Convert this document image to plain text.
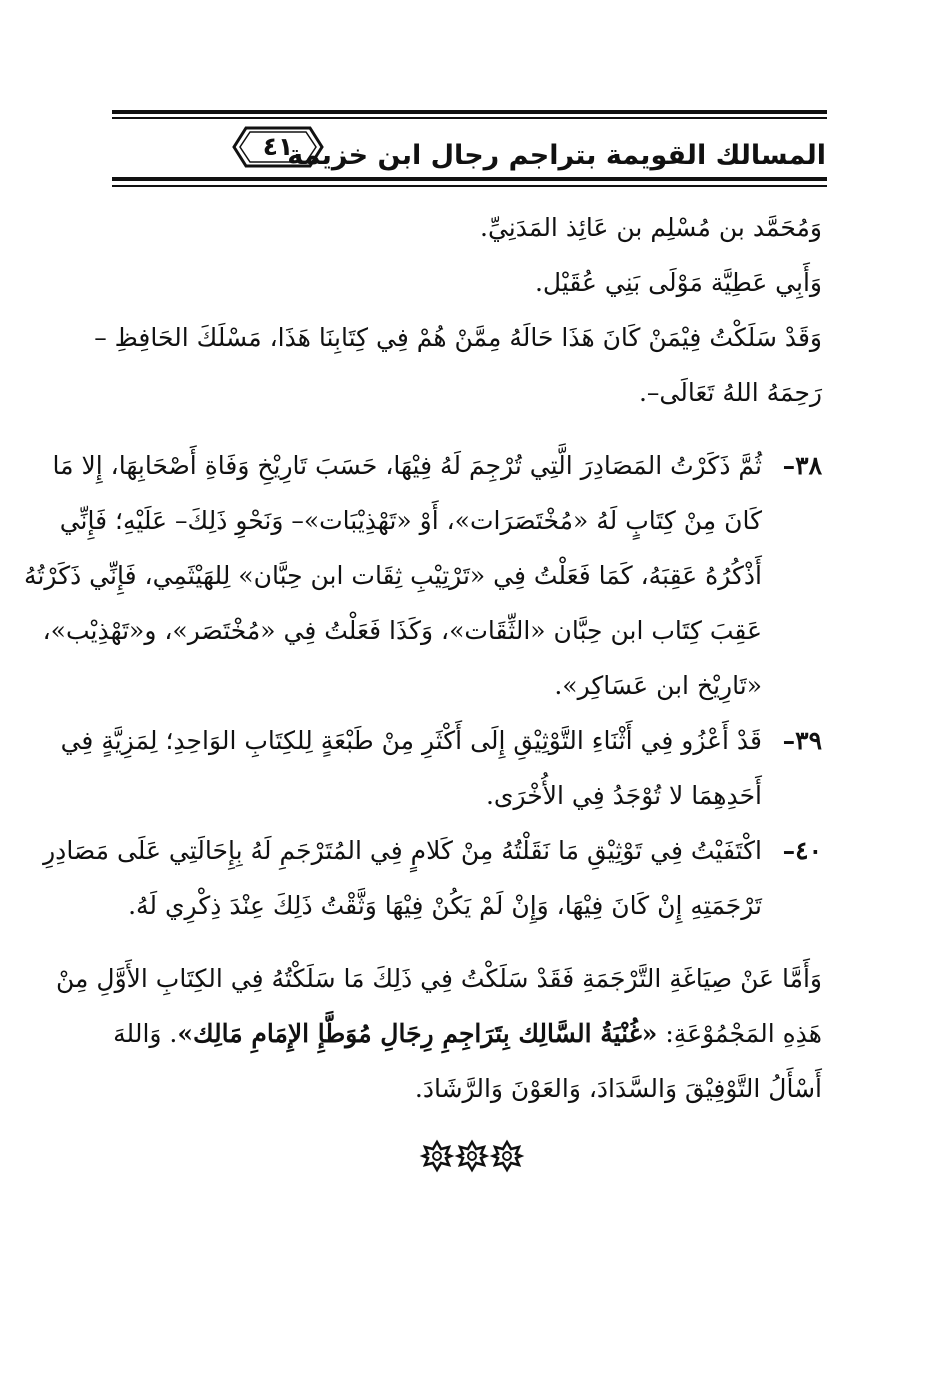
المسالك القويمة بتراجم رجال ابن خزيمة
٤١
وَمُحَمَّد بن مُسْلِم بن عَائِذ المَدَنِيِّ.
وَأَبِي عَطِيَّة مَوْلَى بَنِي عُقَيْل.
وَقَدْ سَلَكْتُ فِيْمَنْ كَانَ هَذَا حَالَهُ مِمَّنْ هُمْ فِي كِتَابِنَا هَذَا، مَسْلَكَ الحَافِظِ –
رَحِمَهُ اللهُ تَعَالَى–.
٣٨–
ثُمَّ ذَكَرْتُ المَصَادِرَ الَّتِي تُرْجِمَ لَهُ فِيْهَا، حَسَبَ تَارِيْخِ وَفَاةِ أَصْحَابِهَا، إِلا مَا
كَانَ مِنْ كِتَابٍ لَهُ «مُخْتَصَرَات»، أَوْ «تَهْذِيْبَات»– وَنَحْوِ ذَلِكَ– عَلَيْهِ؛ فَإِنِّي
أَذْكُرُهُ عَقِبَهُ، كَمَا فَعَلْتُ فِي «تَرْتِيْبِ ثِقَات ابن حِبَّان» لِلهَيْثَمِي، فَإِنِّي ذَكَرْتُهُ
عَقِبَ كِتَاب ابن حِبَّان «الثِّقَات»، وَكَذَا فَعَلْتُ فِي «مُخْتَصَر»، و«تَهْذِيْب»،
«تَارِيْخ ابن عَسَاكِر».
٣٩–
قَدْ أَعْزُو فِي أَثْنَاءِ التَّوْثِيْقِ إِلَى أَكْثَرِ مِنْ طَبْعَةٍ لِلكِتَابِ الوَاحِدِ؛ لِمَزِيَّةٍ فِي
أَحَدِهِمَا لا تُوْجَدُ فِي الأُخْرَى.
٤٠–
اكْتَفَيْتُ فِي تَوْثِيْقِ مَا نَقَلْتُهُ مِنْ كَلامٍ فِي المُتَرْجَمِ لَهُ بِإِحَالَتِي عَلَى مَصَادِرِ
تَرْجَمَتِهِ إِنْ كَانَ فِيْهَا، وَإِنْ لَمْ يَكُنْ فِيْهَا وَثَّقْتُ ذَلِكَ عِنْدَ ذِكْرِي لَهُ.
وَأَمَّا عَنْ صِيَاغَةِ التَّرْجَمَةِ فَقَدْ سَلَكْتُ فِي ذَلِكَ مَا سَلَكْتُهُ فِي الكِتَابِ الأَوَّلِ مِنْ
هَذِهِ المَجْمُوْعَةِ: «غُنْيَةُ السَّالِك بِتَرَاجِمِ رِجَالِ مُوَطَّإِ الإِمَامِ مَالِك». وَاللهَ
أَسْأَلُ التَّوْفِيْقَ وَالسَّدَادَ، وَالعَوْنَ وَالرَّشَادَ.
